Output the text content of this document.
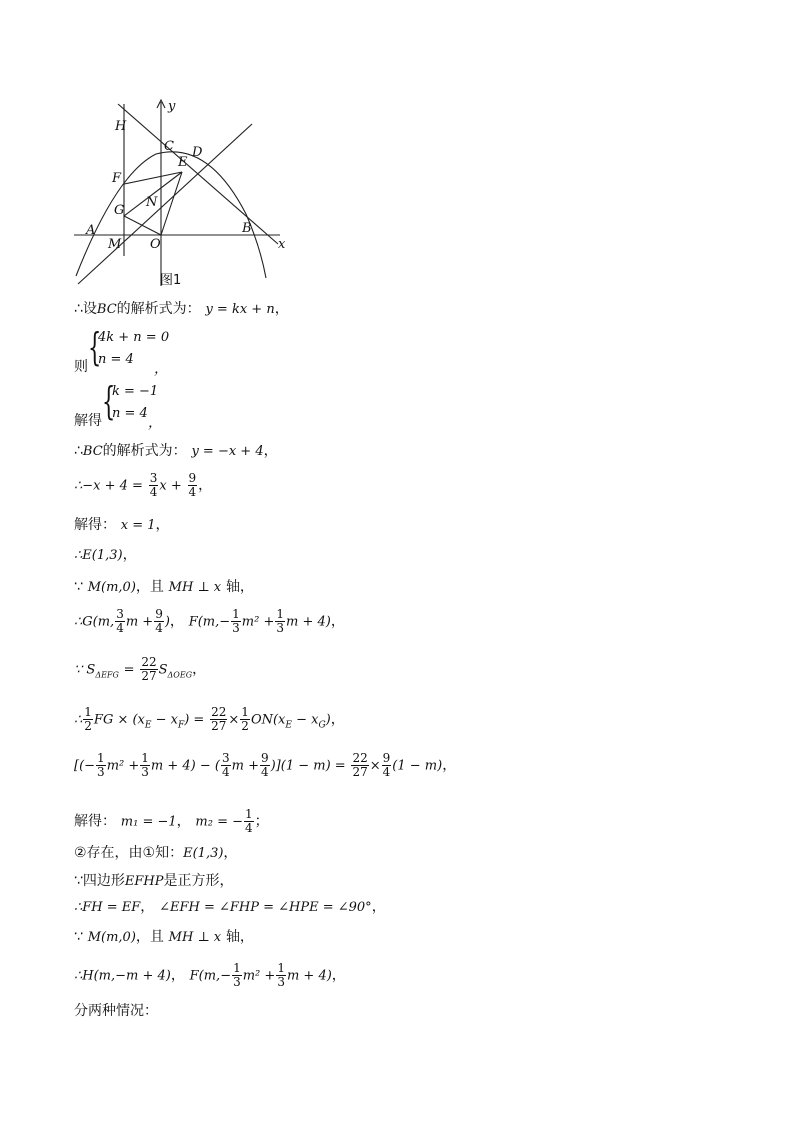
y
H
C D
E
F
G
N
A
M O
B
x
图1
∴设BC的解析式为： y = kx + n，
则 {
4k + n = 0
n = 4
，
解得 {
k = −1
n = 4
，
∴BC的解析式为： y = −x + 4，
∴−x + $4 = \frac{3}{4}$ $x + \frac{9}{4}$ ，
解得： x = 1，
∴E(1,3)，
∵ M(m,0)，且 MH ⊥ x 轴，
∴G(m, $\frac{3}{4}$ $m + \frac{9}{4}$ )， $F(m,- \frac{1}{3} m^2 + \frac{1}{3}$ m + 4)，
∵ $S_{\Delta EFG} = \frac{22}{27} S_{\Delta OEG}$，
∴ $\frac{1}{2}$ FG × $(x_E - x_F) = \frac{22}{27} \times \frac{1}{2} ON(x_E - x_G)$，
[(− $\frac{1}{3} m^2 + \frac{1}{3}$ m + 4) − ( $\frac{3}{4}$ $m + \frac{9}{4} )](1 - m) = \frac{22}{27} \times \frac{9}{4} (1 - m)$，
解得： m₁ = −1， m₂ = − $\frac{1}{4}$ ；
②存在，由①知：E(1,3)，
∵四边形EFHP是正方形，
∴FH = EF， ∠EFH = ∠FHP = ∠HPE = ∠90°，
∵ M(m,0)，且 MH ⊥ x 轴，
∴H(m,−m + 4)， $F(m,- \frac{1}{3} m^2 + \frac{1}{3}$ m + 4)，
分两种情况：
